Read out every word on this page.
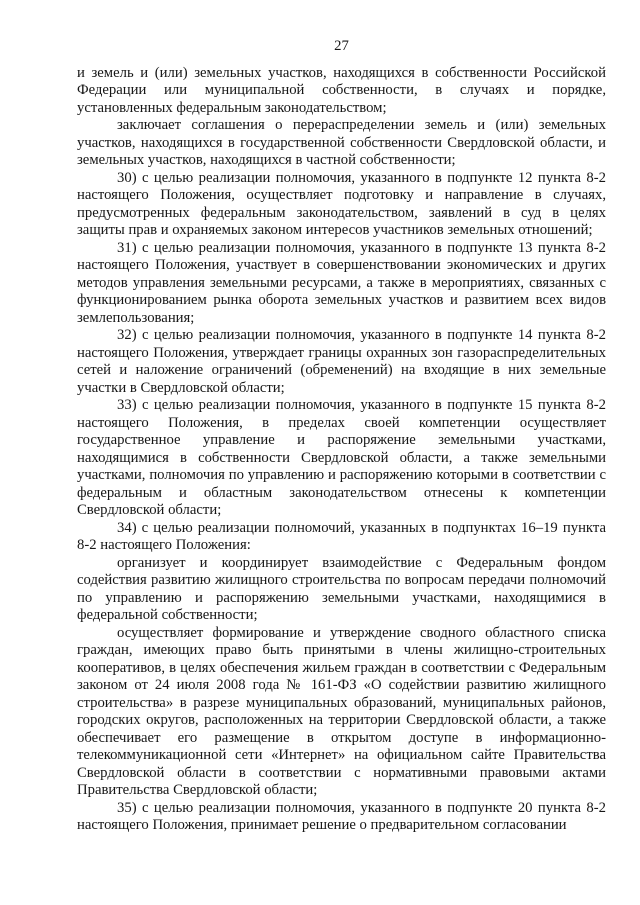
27

и земель и (или) земельных участков, находящихся в собственности Российской Федерации или муниципальной собственности, в случаях и порядке, установленных федеральным законодательством;

заключает соглашения о перераспределении земель и (или) земельных участков, находящихся в государственной собственности Свердловской области, и земельных участков, находящихся в частной собственности;

30) с целью реализации полномочия, указанного в подпункте 12 пункта 8-2 настоящего Положения, осуществляет подготовку и направление в случаях, предусмотренных федеральным законодательством, заявлений в суд в целях защиты прав и охраняемых законом интересов участников земельных отношений;

31) с целью реализации полномочия, указанного в подпункте 13 пункта 8-2 настоящего Положения, участвует в совершенствовании экономических и других методов управления земельными ресурсами, а также в мероприятиях, связанных с функционированием рынка оборота земельных участков и развитием всех видов землепользования;

32) с целью реализации полномочия, указанного в подпункте 14 пункта 8-2 настоящего Положения, утверждает границы охранных зон газораспределительных сетей и наложение ограничений (обременений) на входящие в них земельные участки в Свердловской области;

33) с целью реализации полномочия, указанного в подпункте 15 пункта 8-2 настоящего Положения, в пределах своей компетенции осуществляет государственное управление и распоряжение земельными участками, находящимися в собственности Свердловской области, а также земельными участками, полномочия по управлению и распоряжению которыми в соответствии с федеральным и областным законодательством отнесены к компетенции Свердловской области;

34) с целью реализации полномочий, указанных в подпунктах 16–19 пункта 8-2 настоящего Положения:

организует и координирует взаимодействие с Федеральным фондом содействия развитию жилищного строительства по вопросам передачи полномочий по управлению и распоряжению земельными участками, находящимися в федеральной собственности;

осуществляет формирование и утверждение сводного областного списка граждан, имеющих право быть принятыми в члены жилищно-строительных кооперативов, в целях обеспечения жильем граждан в соответствии с Федеральным законом от 24 июля 2008 года № 161-ФЗ «О содействии развитию жилищного строительства» в разрезе муниципальных образований, муниципальных районов, городских округов, расположенных на территории Свердловской области, а также обеспечивает его размещение в открытом доступе в информационно-телекоммуникационной сети «Интернет» на официальном сайте Правительства Свердловской области в соответствии с нормативными правовыми актами Правительства Свердловской области;

35) с целью реализации полномочия, указанного в подпункте 20 пункта 8-2 настоящего Положения, принимает решение о предварительном согласовании
